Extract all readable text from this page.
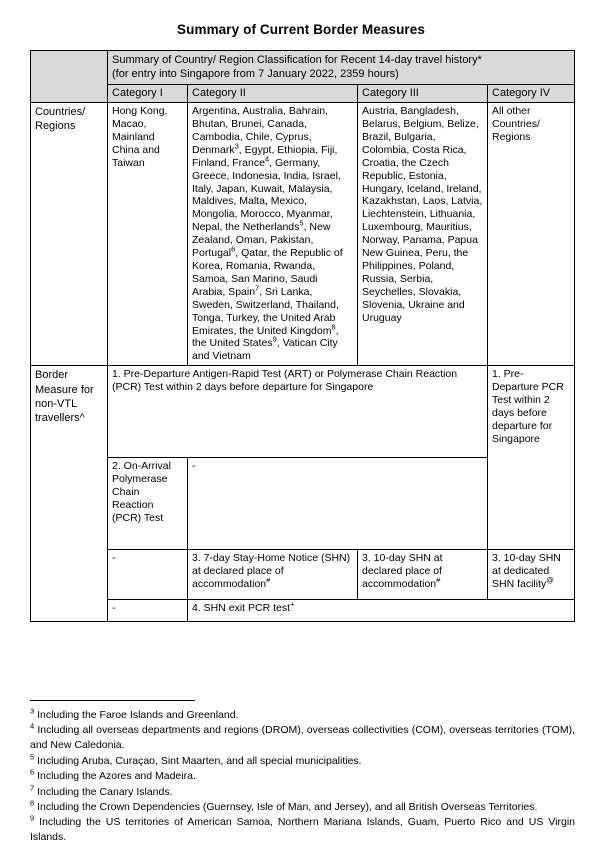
Summary of Current Border Measures
	Summary of Country/ Region Classification for Recent 14-day travel history*
(for entry into Singapore from 7 January 2022, 2359 hours)			
	Category I	Category II	Category III	Category IV
Countries/ Regions	Hong Kong, Macao, Mainland China and Taiwan	Argentina, Australia, Bahrain, Bhutan, Brunei, Canada, Cambodia, Chile, Cyprus, Denmark$^3$, Egypt, Ethiopia, Fiji, Finland, France$^4$, Germany, Greece, Indonesia, India, Israel, Italy, Japan, Kuwait, Malaysia, Maldives, Malta, Mexico, Mongolia, Morocco, Myanmar, Nepal, the Netherlands$^5$, New Zealand, Oman, Pakistan, Portugal$^6$, Qatar, the Republic of Korea, Romania, Rwanda, Samoa, San Marino, Saudi Arabia, Spain$^7$, Sri Lanka, Sweden, Switzerland, Thailand, Tonga, Turkey, the United Arab Emirates, the United Kingdom$^8$, the United States$^9$, Vatican City and Vietnam	Austria, Bangladesh, Belarus, Belgium, Belize, Brazil, Bulgaria, Colombia, Costa Rica, Croatia, the Czech Republic, Estonia, Hungary, Iceland, Ireland, Kazakhstan, Laos, Latvia, Liechtenstein, Lithuania, Luxembourg, Mauritius, Norway, Panama, Papua New Guinea, Peru, the Philippines, Poland, Russia, Serbia, Seychelles, Slovakia, Slovenia, Ukraine and Uruguay	All other Countries/ Regions
Border Measure for non-VTL travellers^	1. Pre-Departure Antigen-Rapid Test (ART) or Polymerase Chain Reaction (PCR) Test within 2 days before departure for Singapore			1. Pre-Departure PCR Test within 2 days before departure for Singapore
	2. On-Arrival Polymerase Chain Reaction (PCR) Test	-		
	-	3. 7-day Stay-Home Notice (SHN) at declared place of accommodation#	3. 10-day SHN at declared place of accommodation#	3. 10-day SHN at dedicated SHN facility@
	-	4. SHN exit PCR test+
$^3$ Including the Faroe Islands and Greenland.
$^4$ Including all overseas departments and regions (DROM), overseas collectivities (COM), overseas territories (TOM), and New Caledonia.
$^5$ Including Aruba, Curaçao, Sint Maarten, and all special municipalities.
$^6$ Including the Azores and Madeira.
$^7$ Including the Canary Islands.
$^8$ Including the Crown Dependencies (Guernsey, Isle of Man, and Jersey), and all British Overseas Territories.
$^9$ Including the US territories of American Samoa, Northern Mariana Islands, Guam, Puerto Rico and US Virgin Islands.
